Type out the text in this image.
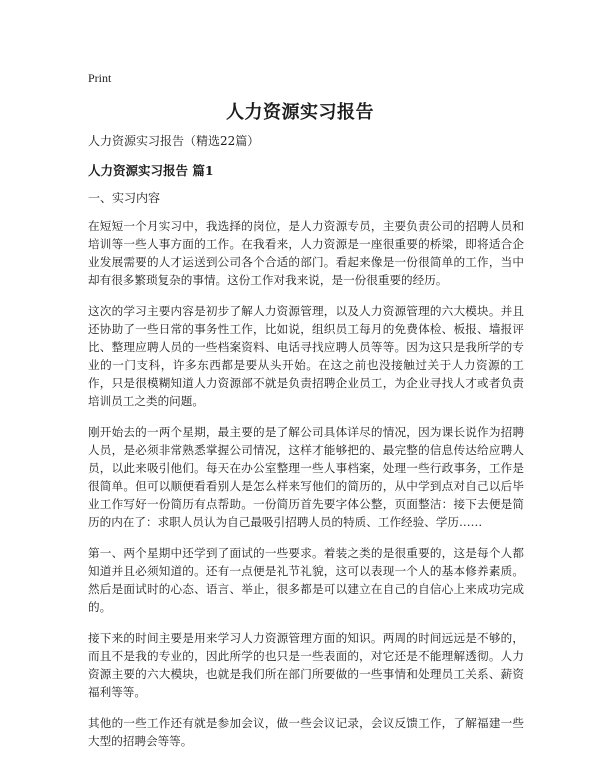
Print
人力资源实习报告

人力资源实习报告（精选22篇）

人力资源实习报告 篇1

一、实习内容

在短短一个月实习中，我选择的岗位，是人力资源专员，主要负责公司的招聘人员和培训等一些人事方面的工作。在我看来，人力资源是一座很重要的桥梁，即将适合企业发展需要的人才运送到公司各个合适的部门。看起来像是一份很简单的工作，当中却有很多繁琐复杂的事情。这份工作对我来说，是一份很重要的经历。

这次的学习主要内容是初步了解人力资源管理，以及人力资源管理的六大模块。并且还协助了一些日常的事务性工作，比如说，组织员工每月的免费体检、板报、墙报评比、整理应聘人员的一些档案资料、电话寻找应聘人员等等。因为这只是我所学的专业的一门支科，许多东西都是要从头开始。在这之前也没接触过关于人力资源的工作，只是很模糊知道人力资源部不就是负责招聘企业员工，为企业寻找人才或者负责培训员工之类的问题。

刚开始去的一两个星期，最主要的是了解公司具体详尽的情况，因为课长说作为招聘人员，是必须非常熟悉掌握公司情况，这样才能够把的、最完整的信息传达给应聘人员，以此来吸引他们。每天在办公室整理一些人事档案，处理一些行政事务，工作是很简单。但可以顺便看看别人是怎么样来写他们的简历的，从中学到点对自己以后毕业工作写好一份简历有点帮助。一份简历首先要字体公整，页面整洁：接下去便是简历的内在了：求职人员认为自己最吸引招聘人员的特质、工作经验、学历……

第一、两个星期中还学到了面试的一些要求。着装之类的是很重要的，这是每个人都知道并且必须知道的。还有一点便是礼节礼貌，这可以表现一个人的基本修养素质。然后是面试时的心态、语言、举止，很多都是可以建立在自己的自信心上来成功完成的。

接下来的时间主要是用来学习人力资源管理方面的知识。两周的时间远远是不够的，而且不是我的专业的，因此所学的也只是一些表面的，对它还是不能理解透彻。人力资源主要的六大模块，也就是我们所在部门所要做的一些事情和处理员工关系、薪资福利等等。

其他的一些工作还有就是参加会议，做一些会议记录，会议反馈工作，了解福建一些大型的招聘会等等。
